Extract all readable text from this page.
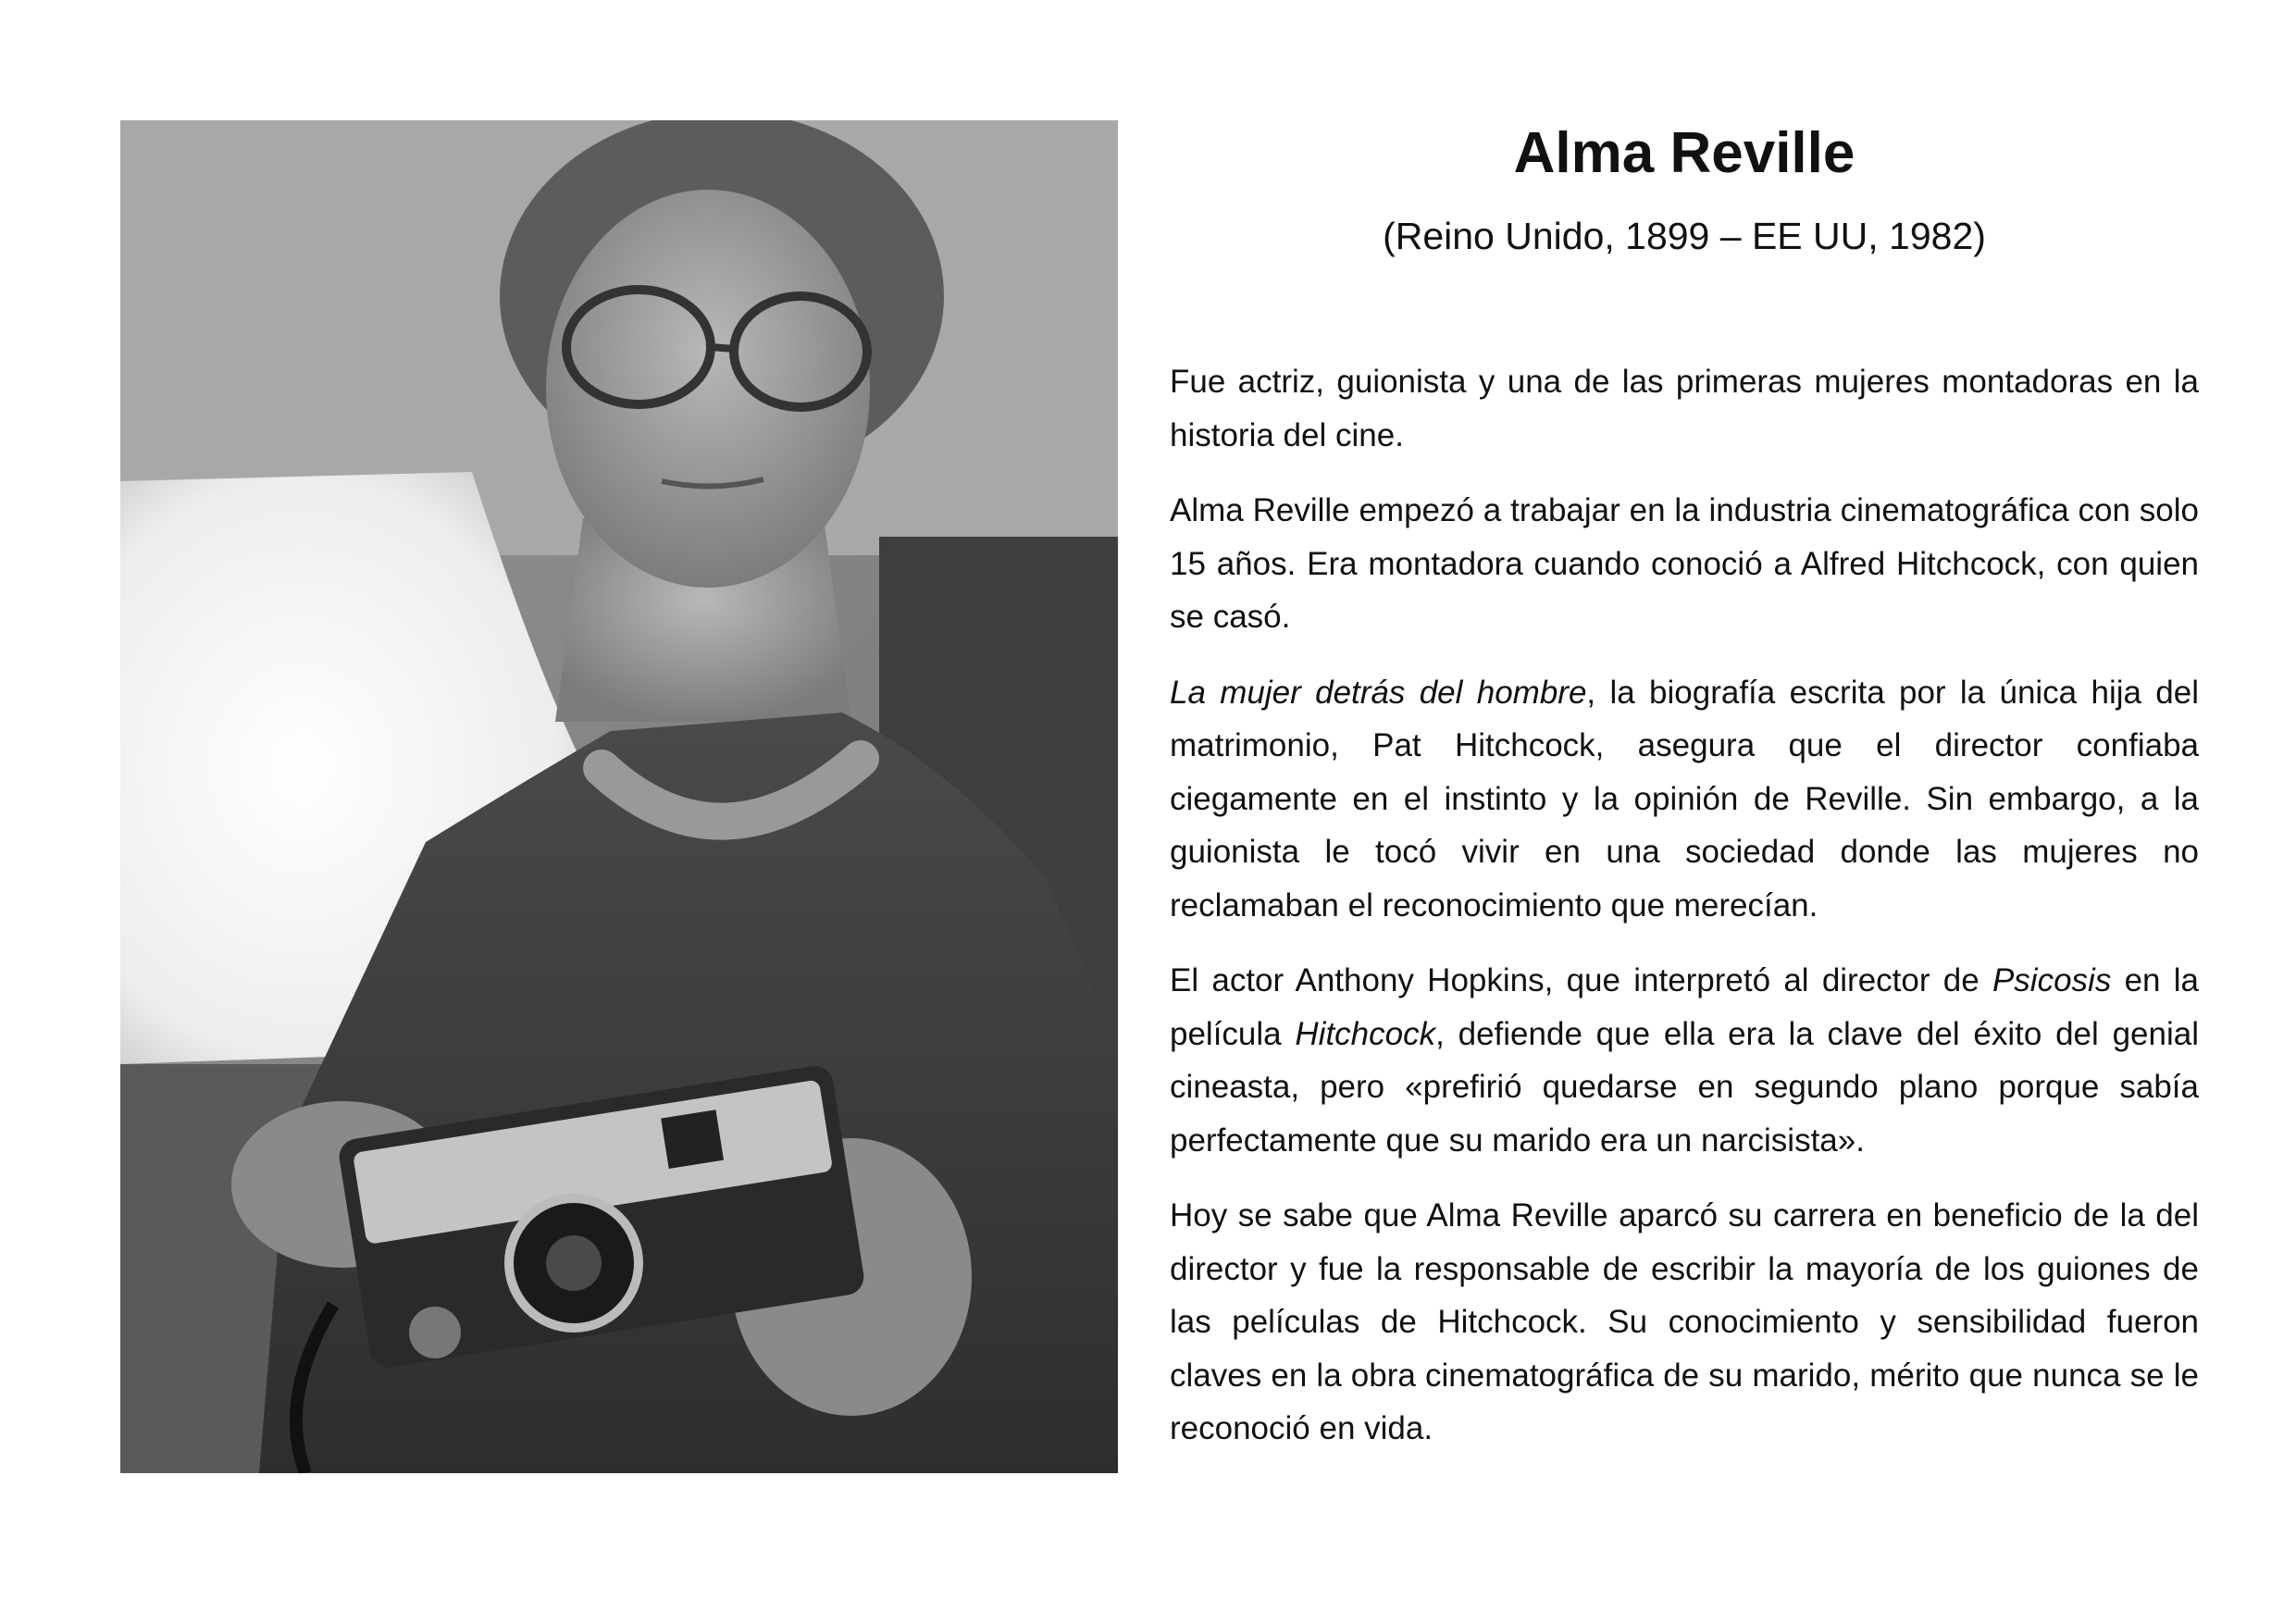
Alma Reville
(Reino Unido, 1899 – EE UU, 1982)

Fue actriz, guionista y una de las primeras mujeres montadoras en la historia del cine.

Alma Reville empezó a trabajar en la industria cinematográfica con solo 15 años. Era montadora cuando conoció a Alfred Hitchcock, con quien se casó.

La mujer detrás del hombre, la biografía escrita por la única hija del matrimonio, Pat Hitchcock, asegura que el director confiaba ciegamente en el instinto y la opinión de Reville. Sin embargo, a la guionista le tocó vivir en una sociedad donde las mujeres no reclamaban el reconocimiento que merecían.

El actor Anthony Hopkins, que interpretó al director de Psicosis en la película Hitchcock, defiende que ella era la clave del éxito del genial cineasta, pero «prefirió quedarse en segundo plano porque sabía perfectamente que su marido era un narcisista».

Hoy se sabe que Alma Reville aparcó su carrera en beneficio de la del director y fue la responsable de escribir la mayoría de los guiones de las películas de Hitchcock. Su conocimiento y sensibilidad fueron claves en la obra cinematográfica de su marido, mérito que nunca se le reconoció en vida.
